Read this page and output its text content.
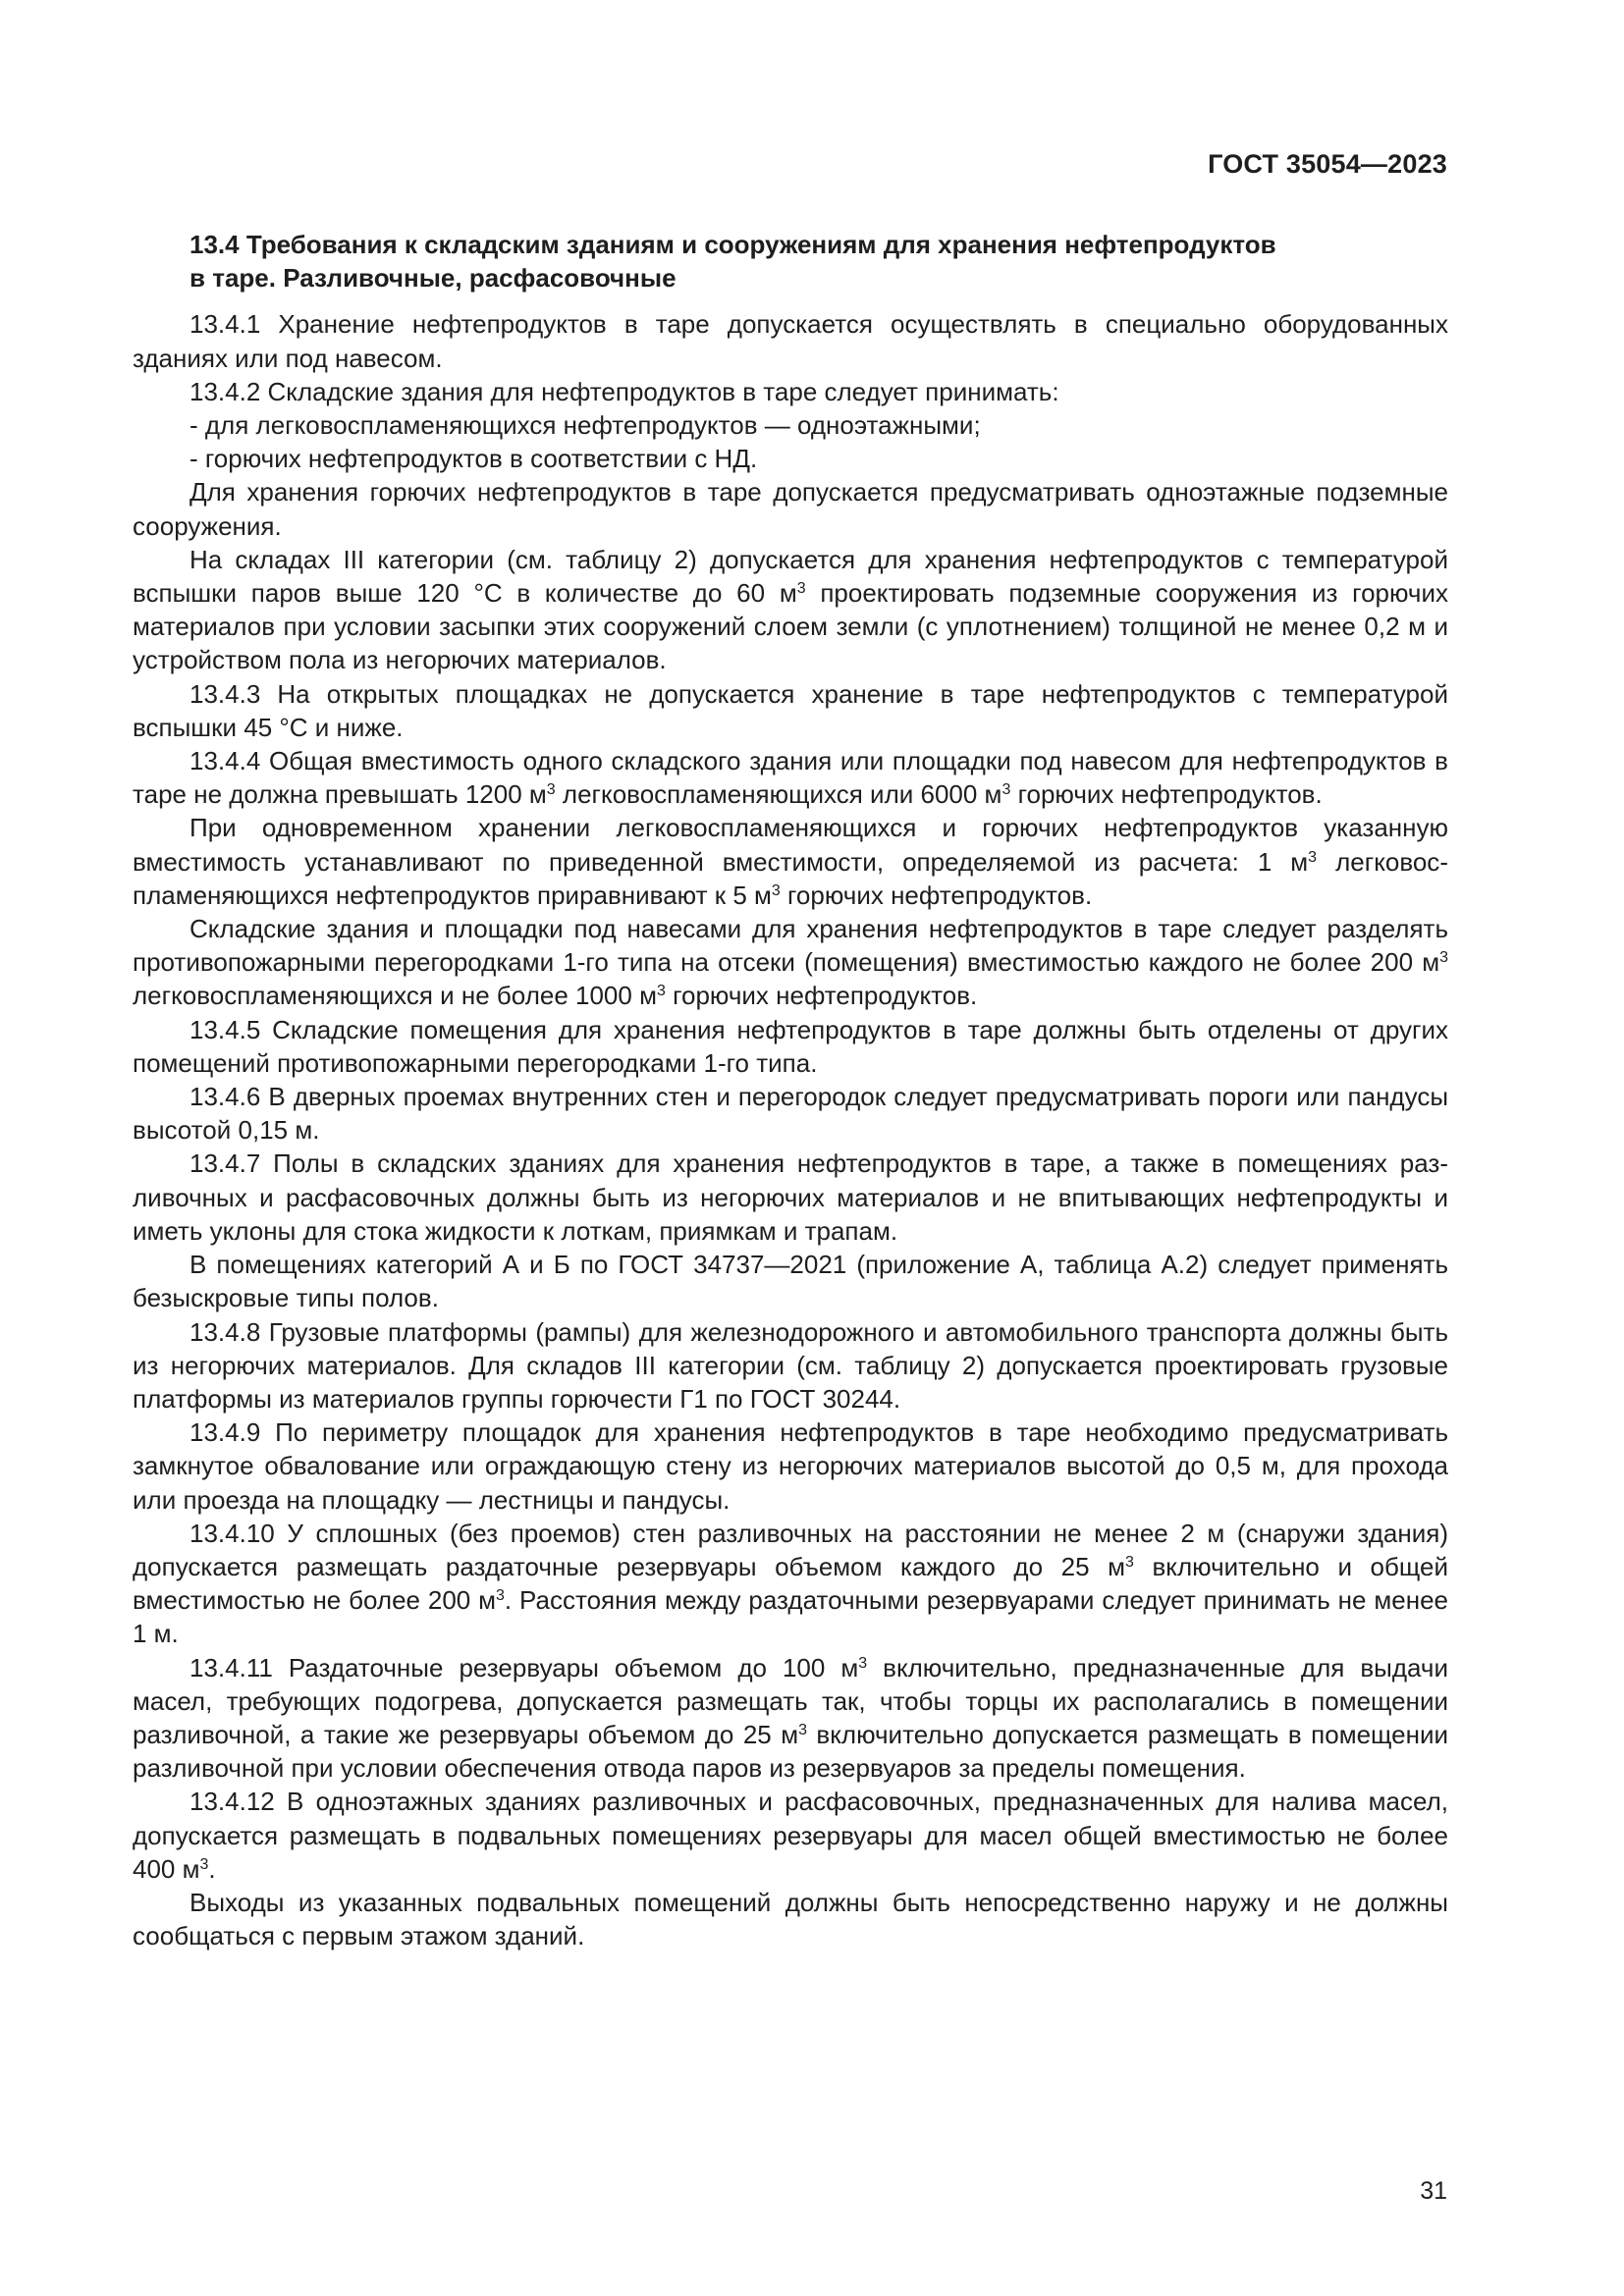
ГОСТ 35054—2023
13.4 Требования к складским зданиям и сооружениям для хранения нефтепродуктов
в таре. Разливочные, расфасовочные

13.4.1 Хранение нефтепродуктов в таре допускается осуществлять в специально оборудованных зданиях или под навесом.

13.4.2 Складские здания для нефтепродуктов в таре следует принимать:

- для легковоспламеняющихся нефтепродуктов — одноэтажными;

- горючих нефтепродуктов в соответствии с НД.

Для хранения горючих нефтепродуктов в таре допускается предусматривать одноэтажные подземные сооружения.

На складах III категории (см. таблицу 2) допускается для хранения нефтепродуктов с температурой вспышки паров выше 120 °С в количестве до 60 $м^3$ проектировать подземные сооружения из горючих материалов при условии засыпки этих сооружений слоем земли (с уплотнением) толщиной не менее 0,2 м и устройством пола из негорючих материалов.

13.4.3 На открытых площадках не допускается хранение в таре нефтепродуктов с температурой вспышки 45 °С и ниже.

13.4.4 Общая вместимость одного складского здания или площадки под навесом для нефтепродуктов в таре не должна превышать 1200 $м^3$ легковоспламеняющихся или 6000 $м^3$ горючих нефтепродуктов.

При одновременном хранении легковоспламеняющихся и горючих нефтепродуктов указанную вместимость устанавливают по приведенной вместимости, определяемой из расчета: 1 $м^3$ легковоспламеняющихся нефтепродуктов приравнивают к 5 $м^3$ горючих нефтепродуктов.

Складские здания и площадки под навесами для хранения нефтепродуктов в таре следует разделять противопожарными перегородками 1-го типа на отсеки (помещения) вместимостью каждого не более 200 $м^3$ легковоспламеняющихся и не более 1000 $м^3$ горючих нефтепродуктов.

13.4.5 Складские помещения для хранения нефтепродуктов в таре должны быть отделены от других помещений противопожарными перегородками 1-го типа.

13.4.6 В дверных проемах внутренних стен и перегородок следует предусматривать пороги или пандусы высотой 0,15 м.

13.4.7 Полы в складских зданиях для хранения нефтепродуктов в таре, а также в помещениях разливочных и расфасовочных должны быть из негорючих материалов и не впитывающих нефтепродукты и иметь уклоны для стока жидкости к лоткам, приямкам и трапам.

В помещениях категорий А и Б по ГОСТ 34737—2021 (приложение А, таблица А.2) следует применять безыскровые типы полов.

13.4.8 Грузовые платформы (рампы) для железнодорожного и автомобильного транспорта должны быть из негорючих материалов. Для складов III категории (см. таблицу 2) допускается проектировать грузовые платформы из материалов группы горючести Г1 по ГОСТ 30244.

13.4.9 По периметру площадок для хранения нефтепродуктов в таре необходимо предусматривать замкнутое обвалование или ограждающую стену из негорючих материалов высотой до 0,5 м, для прохода или проезда на площадку — лестницы и пандусы.

13.4.10 У сплошных (без проемов) стен разливочных на расстоянии не менее 2 м (снаружи здания) допускается размещать раздаточные резервуары объемом каждого до 25 $м^3$ включительно и общей вместимостью не более 200 $м^3$. Расстояния между раздаточными резервуарами следует принимать не менее 1 м.

13.4.11 Раздаточные резервуары объемом до 100 $м^3$ включительно, предназначенные для выдачи масел, требующих подогрева, допускается размещать так, чтобы торцы их располагались в помещении разливочной, а такие же резервуары объемом до 25 $м^3$ включительно допускается размещать в помещении разливочной при условии обеспечения отвода паров из резервуаров за пределы помещения.

13.4.12 В одноэтажных зданиях разливочных и расфасовочных, предназначенных для налива масел, допускается размещать в подвальных помещениях резервуары для масел общей вместимостью не более 400 $м^3$.

Выходы из указанных подвальных помещений должны быть непосредственно наружу и не должны сообщаться с первым этажом зданий.

31
